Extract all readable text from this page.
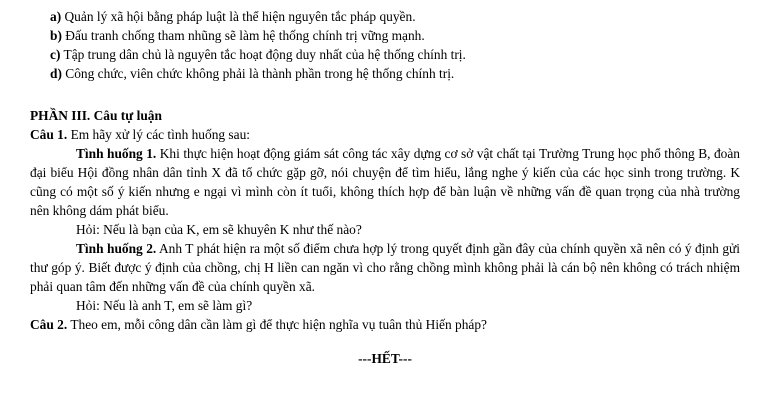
a) Quản lý xã hội bằng pháp luật là thể hiện nguyên tắc pháp quyền.

b) Đấu tranh chống tham nhũng sẽ làm hệ thống chính trị vững mạnh.

c) Tập trung dân chủ là nguyên tắc hoạt động duy nhất của hệ thống chính trị.

d) Công chức, viên chức không phải là thành phần trong hệ thống chính trị.

PHẦN III. Câu tự luận

Câu 1. Em hãy xử lý các tình huống sau:

Tình huống 1. Khi thực hiện hoạt động giám sát công tác xây dựng cơ sở vật chất tại Trường Trung học phổ thông B, đoàn đại biểu Hội đồng nhân dân tỉnh X đã tổ chức gặp gỡ, nói chuyện để tìm hiểu, lắng nghe ý kiến của các học sinh trong trường. K cũng có một số ý kiến nhưng e ngại vì mình còn ít tuổi, không thích hợp để bàn luận về những vấn đề quan trọng của nhà trường nên không dám phát biểu.

Hỏi: Nếu là bạn của K, em sẽ khuyên K như thế nào?

Tình huống 2. Anh T phát hiện ra một số điểm chưa hợp lý trong quyết định gần đây của chính quyền xã nên có ý định gửi thư góp ý. Biết được ý định của chồng, chị H liền can ngăn vì cho rằng chồng mình không phải là cán bộ nên không có trách nhiệm phải quan tâm đến những vấn đề của chính quyền xã.

Hỏi: Nếu là anh T, em sẽ làm gì?

Câu 2. Theo em, mỗi công dân cần làm gì để thực hiện nghĩa vụ tuân thủ Hiến pháp?

---HẾT---
